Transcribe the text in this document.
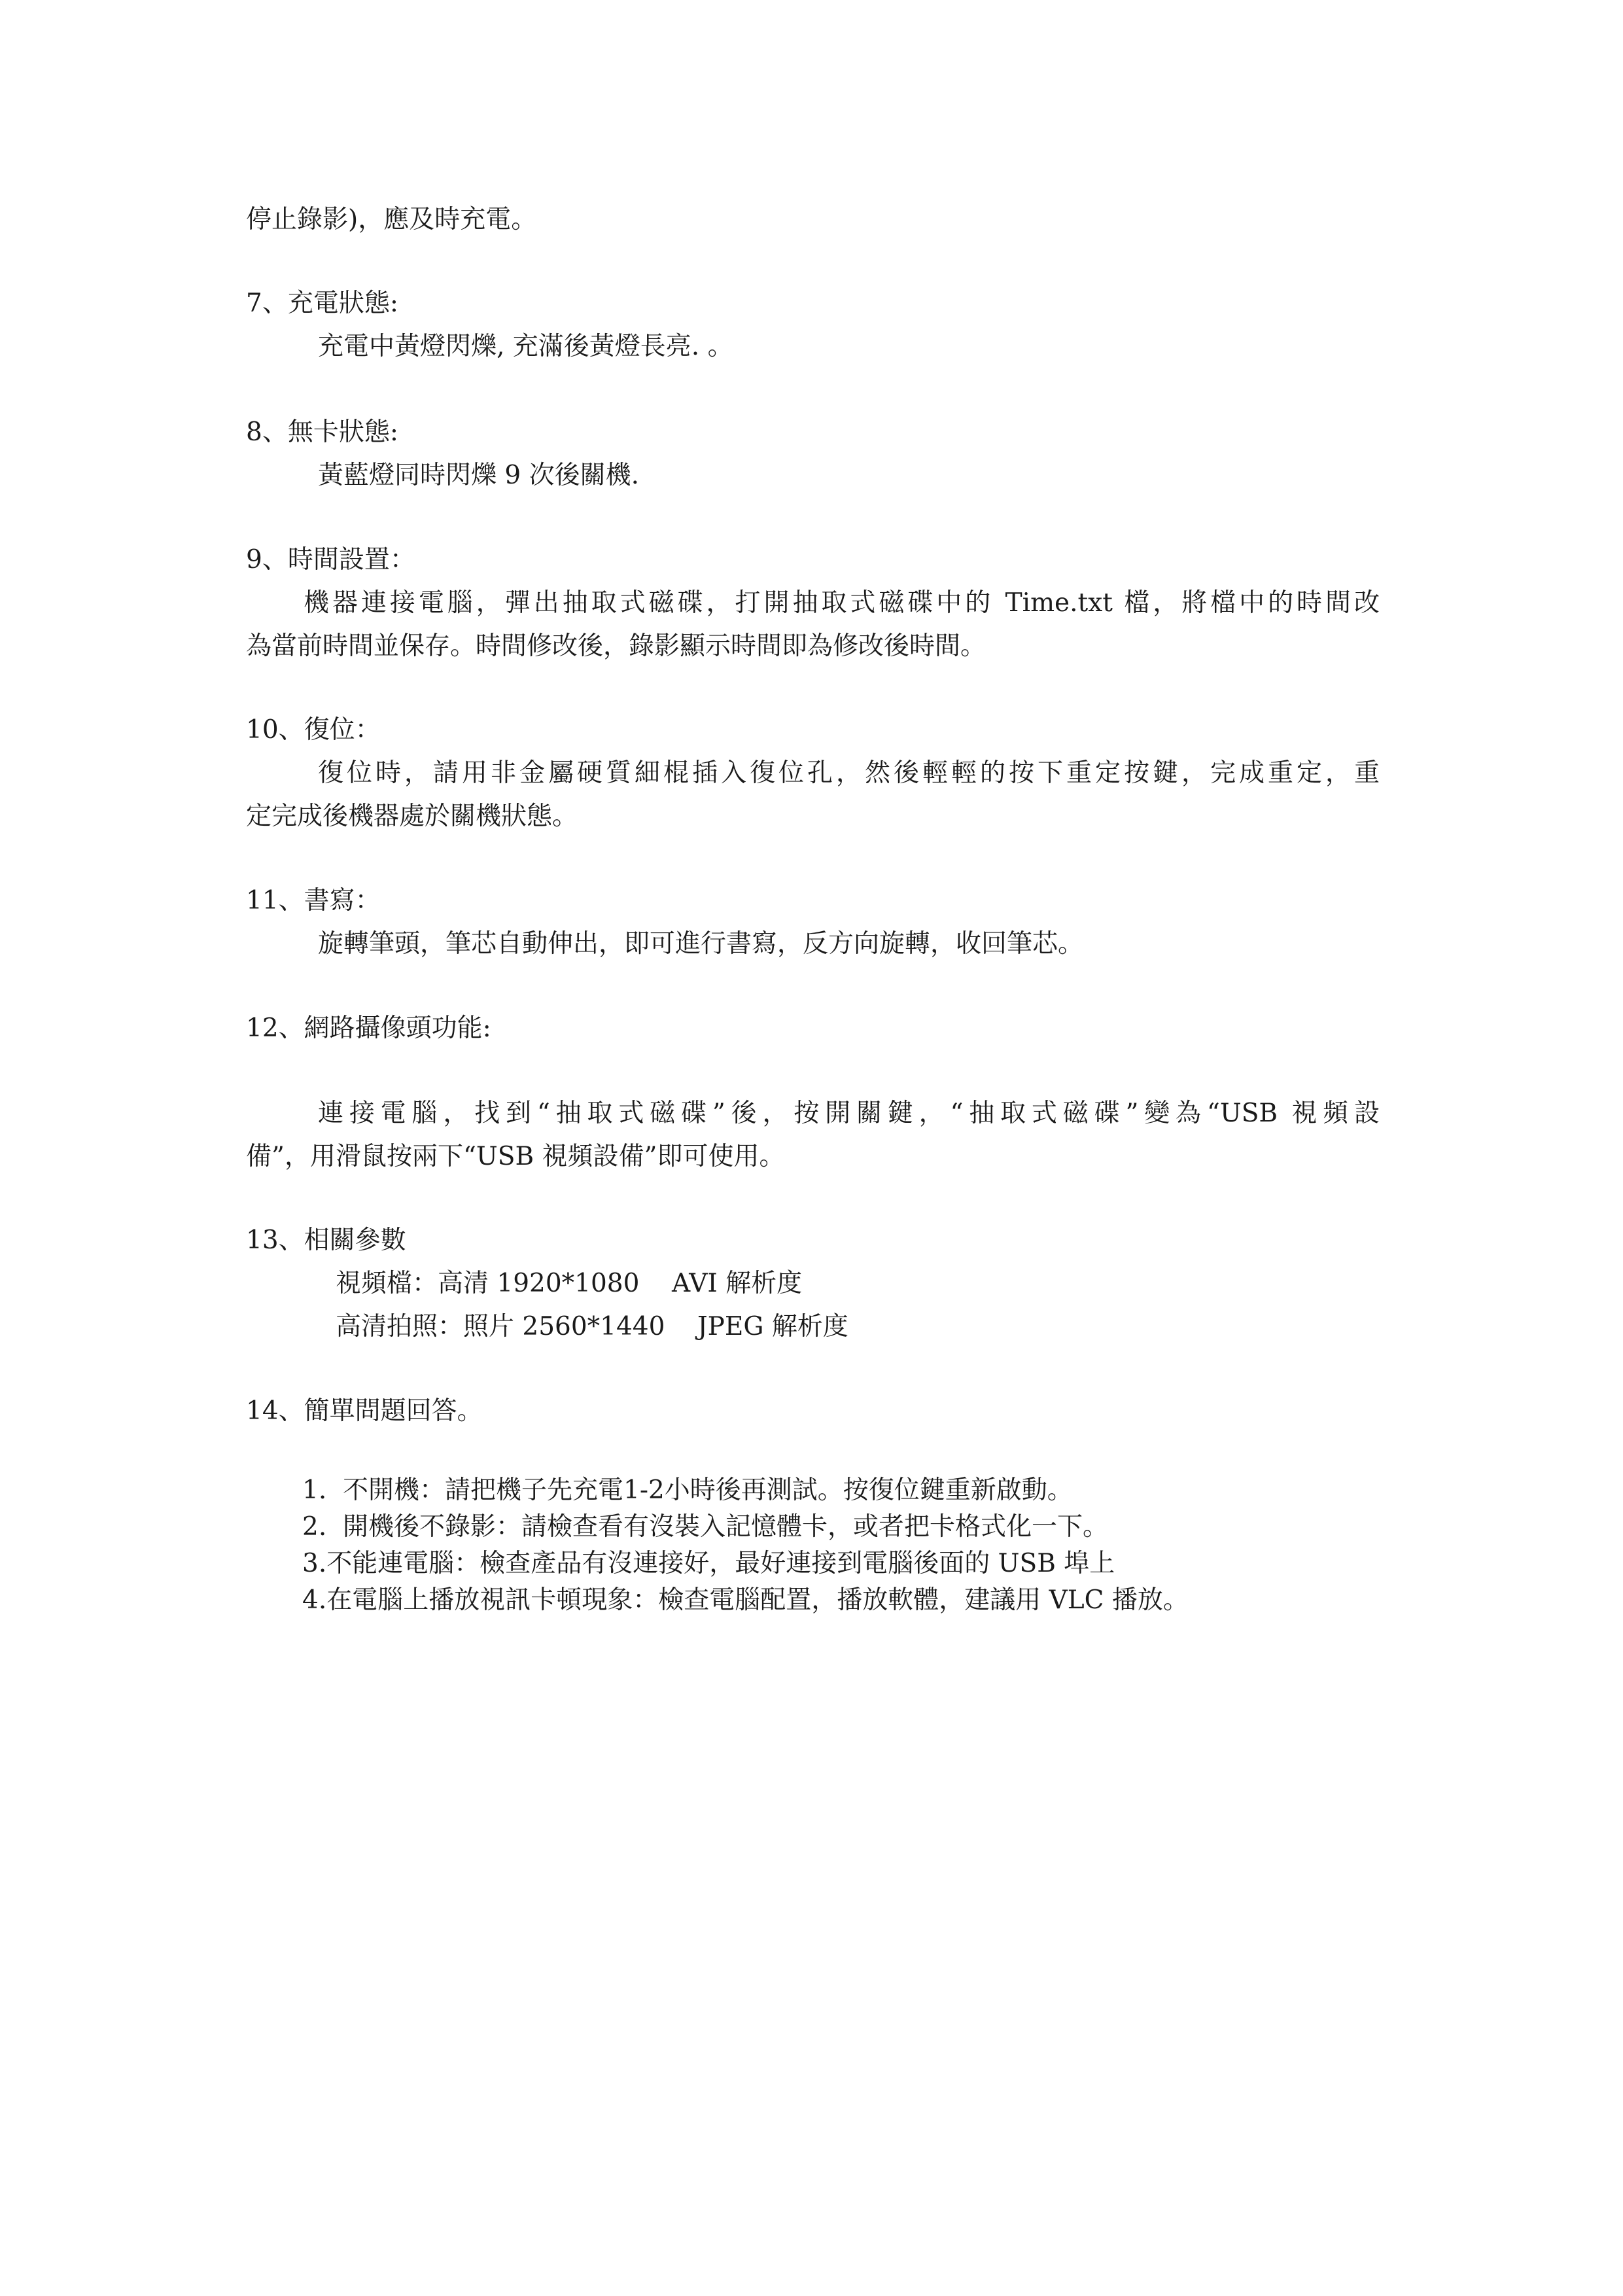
停止錄影)，應及時充電。

7、充電狀態:

充電中黃燈閃爍, 充滿後黃燈長亮. 。

8、無卡狀態:

黃藍燈同時閃爍 9 次後關機.

9、時間設置：

機器連接電腦，彈出抽取式磁碟，打開抽取式磁碟中的 Time.txt 檔，將檔中的時間改

為當前時間並保存。時間修改後，錄影顯示時間即為修改後時間。

10、復位：

復位時，請用非金屬硬質細棍插入復位孔，然後輕輕的按下重定按鍵，完成重定，重

定完成後機器處於關機狀態。

11、書寫：

旋轉筆頭，筆芯自動伸出，即可進行書寫，反方向旋轉，收回筆芯。

12、網路攝像頭功能:

連接電腦，找到“抽取式磁碟”後，按開關鍵，“抽取式磁碟”變為“USB 視頻設

備”，用滑鼠按兩下“USB 視頻設備”即可使用。

13、相關參數

視頻檔：高清 1920*1080    AVI 解析度

高清拍照：照片 2560*1440    JPEG 解析度

14、簡單問題回答。

1.  不開機：請把機子先充電1-2小時後再測試。按復位鍵重新啟動。

2.  開機後不錄影：請檢查看有沒裝入記憶體卡，或者把卡格式化一下。

3.不能連電腦：檢查產品有沒連接好，最好連接到電腦後面的 USB 埠上

4.在電腦上播放視訊卡頓現象：檢查電腦配置，播放軟體，建議用 VLC 播放。
